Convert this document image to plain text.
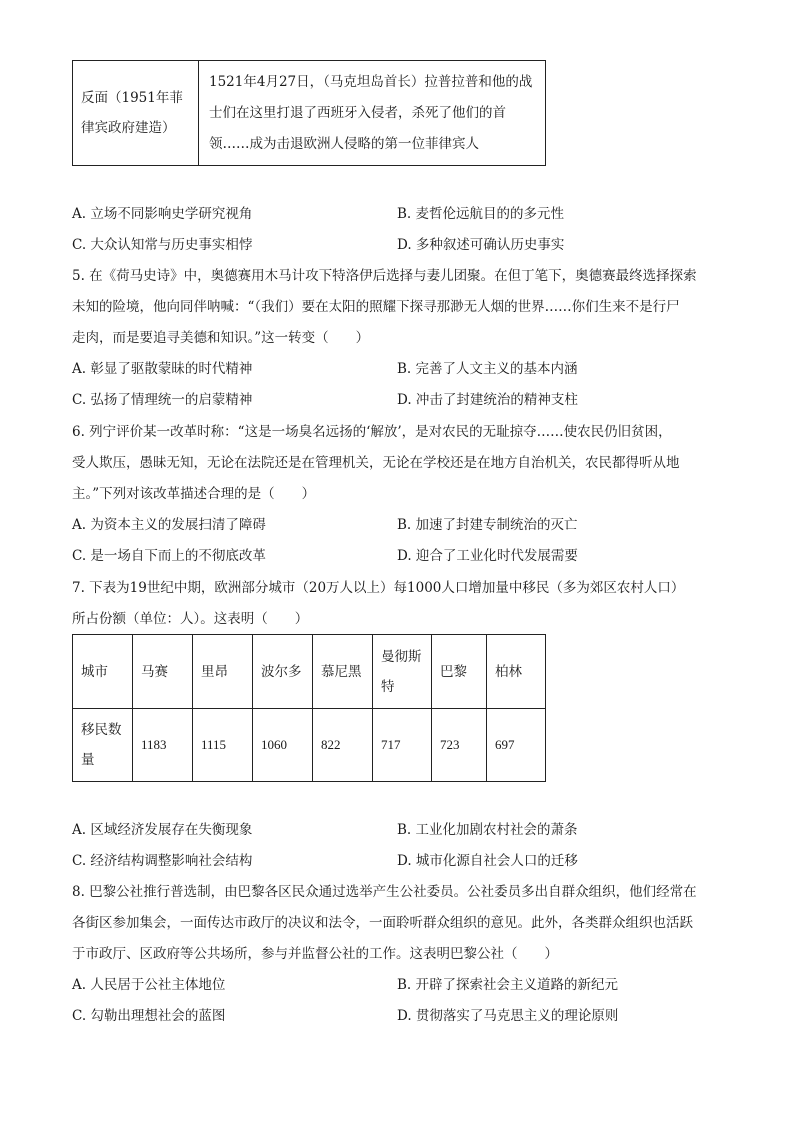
反面（1951年菲律宾政府建造）	
1521年4月27日，（马克坦岛首长）拉普拉普和他的战
士们在这里打退了西班牙入侵者，杀死了他们的首
领……成为击退欧洲人侵略的第一位菲律宾人
A. 立场不同影响史学研究视角	B. 麦哲伦远航目的的多元性
C. 大众认知常与历史事实相悖	D. 多种叙述可确认历史事实
5. 在《荷马史诗》中，奥德赛用木马计攻下特洛伊后选择与妻儿团聚。在但丁笔下，奥德赛最终选择探索
未知的险境，他向同伴呐喊：“（我们）要在太阳的照耀下探寻那渺无人烟的世界……你们生来不是行尸
走肉，而是要追寻美德和知识。”这一转变（　　）
A. 彰显了驱散蒙昧的时代精神	B. 完善了人文主义的基本内涵
C. 弘扬了情理统一的启蒙精神	D. 冲击了封建统治的精神支柱
6. 列宁评价某一改革时称：“这是一场臭名远扬的‘解放’，是对农民的无耻掠夺……使农民仍旧贫困，
受人欺压，愚昧无知，无论在法院还是在管理机关，无论在学校还是在地方自治机关，农民都得听从地
主。”下列对该改革描述合理的是（　　）
A. 为资本主义的发展扫清了障碍	B. 加速了封建专制统治的灭亡
C. 是一场自下而上的不彻底改革	D. 迎合了工业化时代发展需要
7. 下表为19世纪中期，欧洲部分城市（20万人以上）每1000人口增加量中移民（多为郊区农村人口）
所占份额（单位：人）。这表明（　　）
城市	马赛	里昂	波尔多	慕尼黑	曼彻斯特	巴黎	柏林
移民数量	1183	1115	1060	822	717	723	697
A. 区域经济发展存在失衡现象	B. 工业化加剧农村社会的萧条
C. 经济结构调整影响社会结构	D. 城市化源自社会人口的迁移
8. 巴黎公社推行普选制，由巴黎各区民众通过选举产生公社委员。公社委员多出自群众组织，他们经常在
各街区参加集会，一面传达市政厅的决议和法令，一面聆听群众组织的意见。此外，各类群众组织也活跃
于市政厅、区政府等公共场所，参与并监督公社的工作。这表明巴黎公社（　　）
A. 人民居于公社主体地位	B. 开辟了探索社会主义道路的新纪元
C. 勾勒出理想社会的蓝图	D. 贯彻落实了马克思主义的理论原则
